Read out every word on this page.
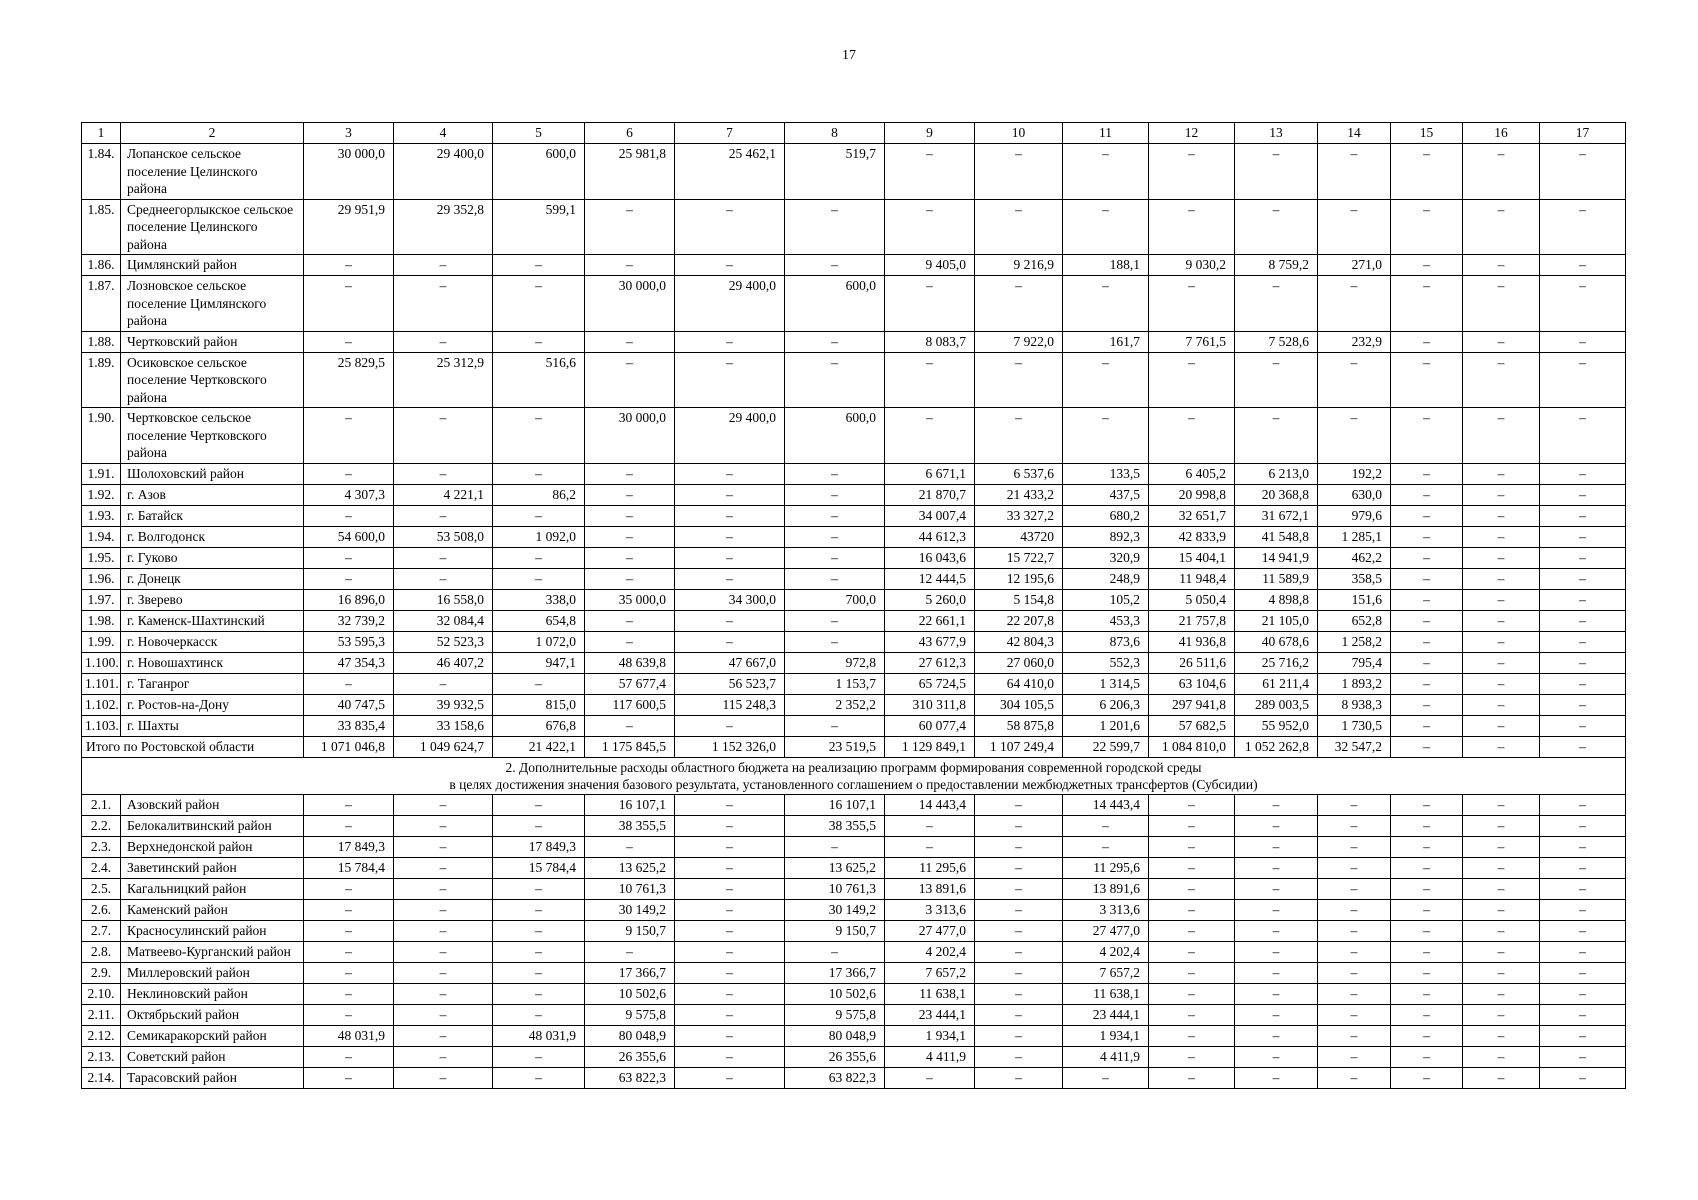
17
1	2	3	4	5	6	7	8	9	10	11	12	13	14	15	16	17
1.84.	Лопанское сельское поселение Целинского района	30 000,0	29 400,0	600,0	25 981,8	25 462,1	519,7	–	–	–	–	–	–	–	–	–
1.85.	Среднеегорлыкское сельское поселение Целинского района	29 951,9	29 352,8	599,1	–	–	–	–	–	–	–	–	–	–	–	–
1.86.	Цимлянский район	–	–	–	–	–	–	9 405,0	9 216,9	188,1	9 030,2	8 759,2	271,0	–	–	–
1.87.	Лозновское сельское поселение Цимлянского района	–	–	–	30 000,0	29 400,0	600,0	–	–	–	–	–	–	–	–	–
1.88.	Чертковский район	–	–	–	–	–	–	8 083,7	7 922,0	161,7	7 761,5	7 528,6	232,9	–	–	–
1.89.	Осиковское сельское поселение Чертковского района	25 829,5	25 312,9	516,6	–	–	–	–	–	–	–	–	–	–	–	–
1.90.	Чертковское сельское поселение Чертковского района	–	–	–	30 000,0	29 400,0	600,0	–	–	–	–	–	–	–	–	–
1.91.	Шолоховский район	–	–	–	–	–	–	6 671,1	6 537,6	133,5	6 405,2	6 213,0	192,2	–	–	–
1.92.	г. Азов	4 307,3	4 221,1	86,2	–	–	–	21 870,7	21 433,2	437,5	20 998,8	20 368,8	630,0	–	–	–
1.93.	г. Батайск	–	–	–	–	–	–	34 007,4	33 327,2	680,2	32 651,7	31 672,1	979,6	–	–	–
1.94.	г. Волгодонск	54 600,0	53 508,0	1 092,0	–	–	–	44 612,3	43720	892,3	42 833,9	41 548,8	1 285,1	–	–	–
1.95.	г. Гуково	–	–	–	–	–	–	16 043,6	15 722,7	320,9	15 404,1	14 941,9	462,2	–	–	–
1.96.	г. Донецк	–	–	–	–	–	–	12 444,5	12 195,6	248,9	11 948,4	11 589,9	358,5	–	–	–
1.97.	г. Зверево	16 896,0	16 558,0	338,0	35 000,0	34 300,0	700,0	5 260,0	5 154,8	105,2	5 050,4	4 898,8	151,6	–	–	–
1.98.	г. Каменск-Шахтинский	32 739,2	32 084,4	654,8	–	–	–	22 661,1	22 207,8	453,3	21 757,8	21 105,0	652,8	–	–	–
1.99.	г. Новочеркасск	53 595,3	52 523,3	1 072,0	–	–	–	43 677,9	42 804,3	873,6	41 936,8	40 678,6	1 258,2	–	–	–
1.100.	г. Новошахтинск	47 354,3	46 407,2	947,1	48 639,8	47 667,0	972,8	27 612,3	27 060,0	552,3	26 511,6	25 716,2	795,4	–	–	–
1.101.	г. Таганрог	–	–	–	57 677,4	56 523,7	1 153,7	65 724,5	64 410,0	1 314,5	63 104,6	61 211,4	1 893,2	–	–	–
1.102.	г. Ростов-на-Дону	40 747,5	39 932,5	815,0	117 600,5	115 248,3	2 352,2	310 311,8	304 105,5	6 206,3	297 941,8	289 003,5	8 938,3	–	–	–
1.103.	г. Шахты	33 835,4	33 158,6	676,8	–	–	–	60 077,4	58 875,8	1 201,6	57 682,5	55 952,0	1 730,5	–	–	–
Итого по Ростовской области		1 071 046,8	1 049 624,7	21 422,1	1 175 845,5	1 152 326,0	23 519,5	1 129 849,1	1 107 249,4	22 599,7	1 084 810,0	1 052 262,8	32 547,2	–	–	–

2. Дополнительные расходы областного бюджета на реализацию программ формирования современной городской среды
в целях достижения значения базового результата, установленного соглашением о предоставлении межбюджетных трансфертов (Субсидии)																

2.1.	Азовский район	–	–	–	16 107,1	–	16 107,1	14 443,4	–	14 443,4	–	–	–	–	–	–
2.2.	Белокалитвинский район	–	–	–	38 355,5	–	38 355,5	–	–	–	–	–	–	–	–	–
2.3.	Верхнедонской район	17 849,3	–	17 849,3	–	–	–	–	–	–	–	–	–	–	–	–
2.4.	Заветинский район	15 784,4	–	15 784,4	13 625,2	–	13 625,2	11 295,6	–	11 295,6	–	–	–	–	–	–
2.5.	Кагальницкий район	–	–	–	10 761,3	–	10 761,3	13 891,6	–	13 891,6	–	–	–	–	–	–
2.6.	Каменский район	–	–	–	30 149,2	–	30 149,2	3 313,6	–	3 313,6	–	–	–	–	–	–
2.7.	Красносулинский район	–	–	–	9 150,7	–	9 150,7	27 477,0	–	27 477,0	–	–	–	–	–	–
2.8.	Матвеево-Курганский район	–	–	–	–	–	–	4 202,4	–	4 202,4	–	–	–	–	–	–
2.9.	Миллеровский район	–	–	–	17 366,7	–	17 366,7	7 657,2	–	7 657,2	–	–	–	–	–	–
2.10.	Неклиновский район	–	–	–	10 502,6	–	10 502,6	11 638,1	–	11 638,1	–	–	–	–	–	–
2.11.	Октябрьский район	–	–	–	9 575,8	–	9 575,8	23 444,1	–	23 444,1	–	–	–	–	–	–
2.12.	Семикаракорский район	48 031,9	–	48 031,9	80 048,9	–	80 048,9	1 934,1	–	1 934,1	–	–	–	–	–	–
2.13.	Советский район	–	–	–	26 355,6	–	26 355,6	4 411,9	–	4 411,9	–	–	–	–	–	–
2.14.	Тарасовский район	–	–	–	63 822,3	–	63 822,3	–	–	–	–	–	–	–	–	–
